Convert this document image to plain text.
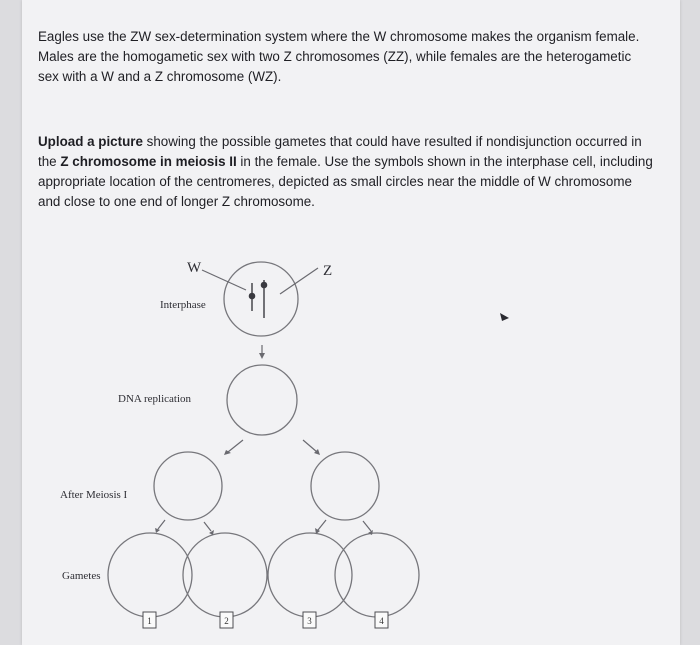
Eagles use the ZW sex-determination system where the W chromosome makes the organism female. Males are the homogametic sex with two Z chromosomes (ZZ), while females are the heterogametic sex with a W and a Z chromosome (WZ).

Upload a picture showing the possible gametes that could have resulted if nondisjunction occurred in the Z chromosome in meiosis II in the female. Use the symbols shown in the interphase cell, including appropriate location of the centromeres, depicted as small circles near the middle of W chromosome and close to one end of longer Z chromosome.

W	Z
Interphase
DNA replication
After Meiosis I
Gametes
1	2	3	4
